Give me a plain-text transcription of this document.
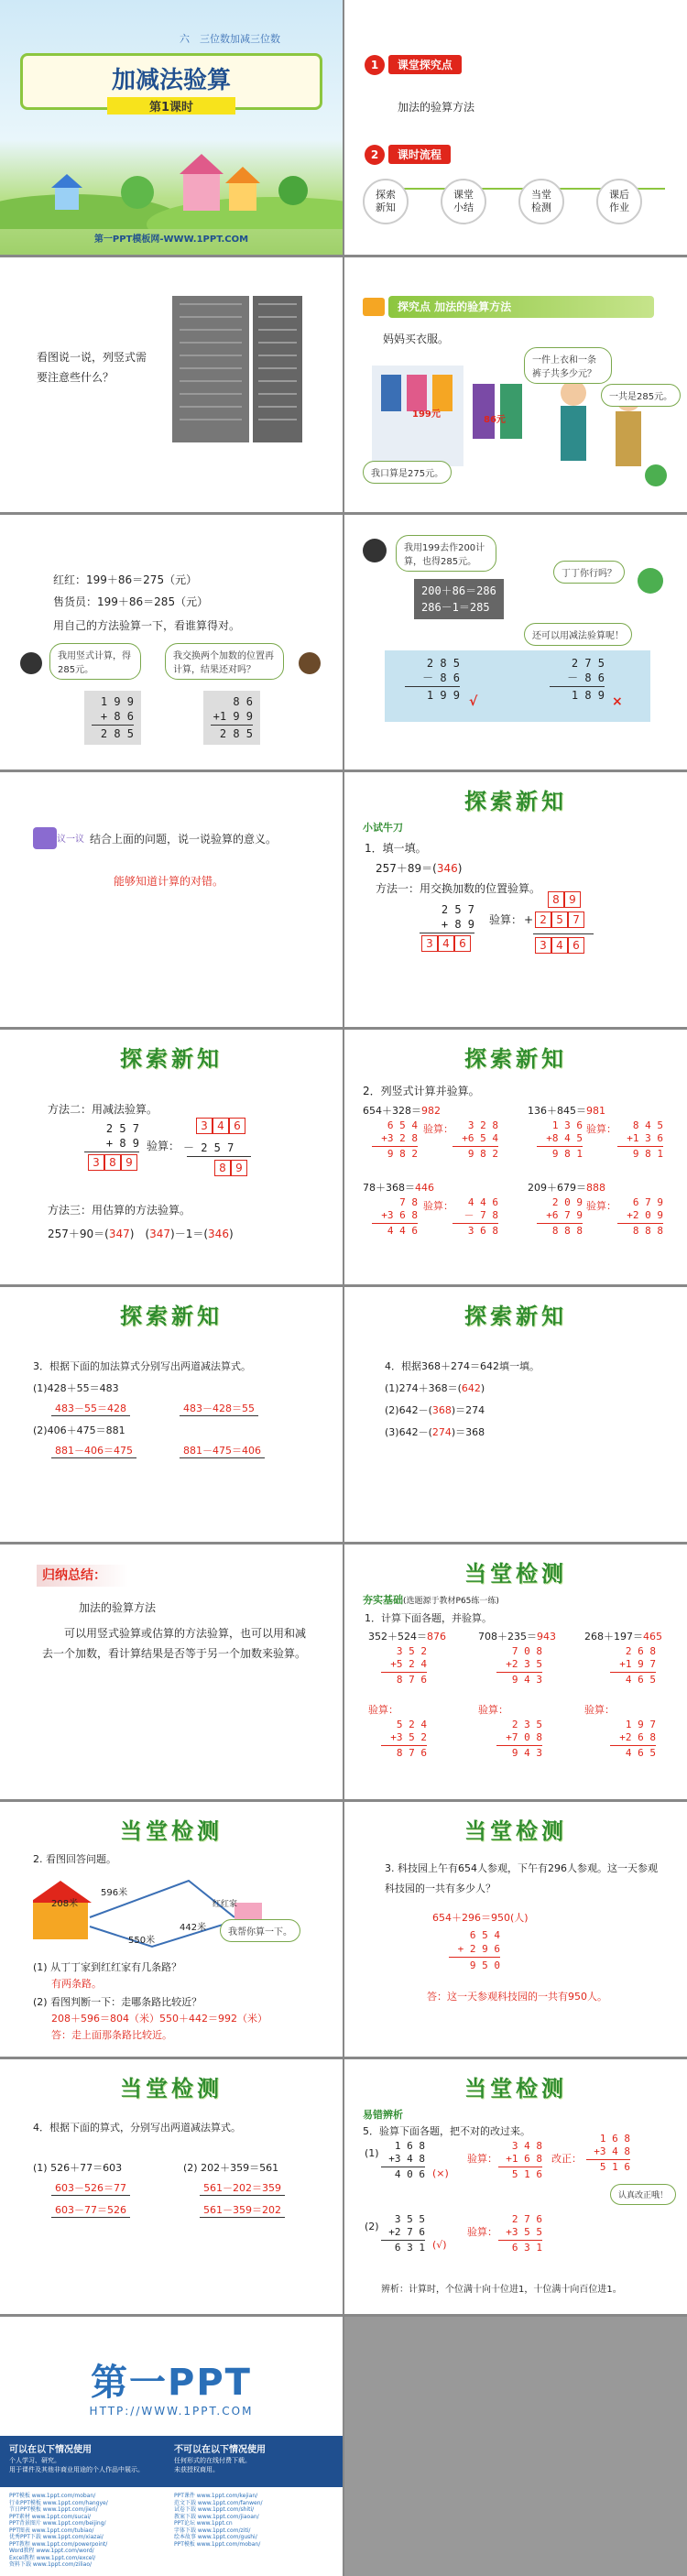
六　三位数加减三位数
加减法验算
第1课时
第一PPT模板网-WWW.1PPT.COM
1 课堂探究点
加法的验算方法
2 课时流程
探索
新知
课堂
小结
当堂
检测
课后
作业
看图说一说，列竖式需要注意些什么？
探究点 加法的验算方法
妈妈买衣服。
一件上衣和一条裤子共多少元？
一共是285元。
199元
86元
我口算是275元。
红红：199＋86＝275（元）
售货员：199＋86＝285（元）
用自己的方法验算一下，看谁算得对。
我用竖式计算，得285元。
我交换两个加数的位置再计算，结果还对吗？
1 9 9
+ 8 6
2 8 5
8 6
+1 9 9
2 8 5
我用199去作200计算，也得285元。
丁丁你行吗？
200＋86＝286
286－1＝285
还可以用减法验算呢！
2 8 5
－ 8 6
1 9 9 √
2 7 5
－ 8 6
1 8 9 ×
议一议 结合上面的问题，说一说验算的意义。
能够知道计算的对错。
探索新知
小试牛刀
1．填一填。
257＋89＝(346)
方法一：用交换加数的位置验算。
2 5 7
+ 8 9
3 4 6
验算：
8 9
+ 2 5 7
3 4 6
探索新知
方法二：用减法验算。
2 5 7
+ 8 9
3 8 9
验算：
3 4 6
－ 2 5 7
8 9
方法三：用估算的方法验算。
257＋90＝(347)　(347)－1＝(346)
探索新知
2．列竖式计算并验算。
654＋328＝982	136＋845＝981
6 5 4
+3 2 8
9 8 2
验算：	3 2 8
+6 5 4
9 8 2
1 3 6
+8 4 5
9 8 1
验算：	8 4 5
+1 3 6
9 8 1
78＋368＝446	209＋679＝888
7 8
+3 6 8
4 4 6
验算：	4 4 6
－ 7 8
3 6 8
2 0 9
+6 7 9
8 8 8
验算：	6 7 9
+2 0 9
8 8 8
探索新知
3．根据下面的加法算式分别写出两道减法算式。
(1)428＋55＝483
483－55＝428	483－428＝55
(2)406＋475＝881
881－406＝475	881－475＝406
探索新知
4．根据368＋274＝642填一填。
(1)274＋368＝(642)
(2)642－(368)＝274
(3)642－(274)＝368
归纳总结：
加法的验算方法
可以用竖式验算或估算的方法验算，也可以用和减去一个加数，看计算结果是否等于另一个加数来验算。
当堂检测
夯实基础(选题源于教材P65练一练)
1．计算下面各题，并验算。
352＋524＝876	708＋235＝943	268＋197＝465
3 5 2
+5 2 4
8 7 6
7 0 8
+2 3 5
9 4 3
2 6 8
+1 9 7
4 6 5
验算：	验算：	验算：
5 2 4
+3 5 2
8 7 6
2 3 5
+7 0 8
9 4 3
1 9 7
+2 6 8
4 6 5
当堂检测
2. 看图回答问题。
596米
208米
550米
442米
红红家
我帮你算一下。
(1) 从丁丁家到红红家有几条路？
有两条路。
(2) 看图判断一下：走哪条路比较近？
208＋596＝804（米）550＋442＝992（米）
答：走上面那条路比较近。
当堂检测
3. 科技园上午有654人参观，下午有296人参观。这一天参观科技园的一共有多少人？
654＋296＝950(人)
6 5 4
+ 2 9 6
9 5 0
答：这一天参观科技园的一共有950人。
当堂检测
4．根据下面的算式，分别写出两道减法算式。
(1) 526＋77＝603	(2) 202＋359＝561
603－526＝77	561－202＝359
603－77＝526	561－359＝202
当堂检测
易错辨析
5．验算下面各题，把不对的改过来。
(1)
1 6 8
+3 4 8
4 0 6 (×)
验算：
3 4 8
+1 6 8
5 1 6
改正：
1 6 8
+3 4 8
5 1 6
认真改正哦！
(2)
3 5 5
+2 7 6
6 3 1 (√)
验算：
2 7 6
+3 5 5
6 3 1
辨析：计算时，个位满十向十位进1，十位满十向百位进1。
第一PPT
HTTP://WWW.1PPT.COM
可以在以下情况使用
个人学习、研究。
用于课件及其他非商业用途的个人作品中展示。
不可以在以下情况使用
任何形式的在线付费下载。
未获授权商用。
PPT模板 www.1ppt.com/moban/
行业PPT模板 www.1ppt.com/hangye/
节日PPT模板 www.1ppt.com/jieri/
PPT素材 www.1ppt.com/sucai/
PPT背景图片 www.1ppt.com/beijing/
PPT图表 www.1ppt.com/tubiao/
优秀PPT下载 www.1ppt.com/xiazai/
PPT教程 www.1ppt.com/powerpoint/
Word教程 www.1ppt.com/word/
Excel教程 www.1ppt.com/excel/
资料下载 www.1ppt.com/ziliao/
PPT课件 www.1ppt.com/kejian/
范文下载 www.1ppt.com/fanwen/
试卷下载 www.1ppt.com/shiti/
教案下载 www.1ppt.com/jiaoan/
PPT论坛 www.1ppt.cn
字体下载 www.1ppt.com/ziti/
绘本故事 www.1ppt.com/gushi/
PPT模板 www.1ppt.com/moban/
